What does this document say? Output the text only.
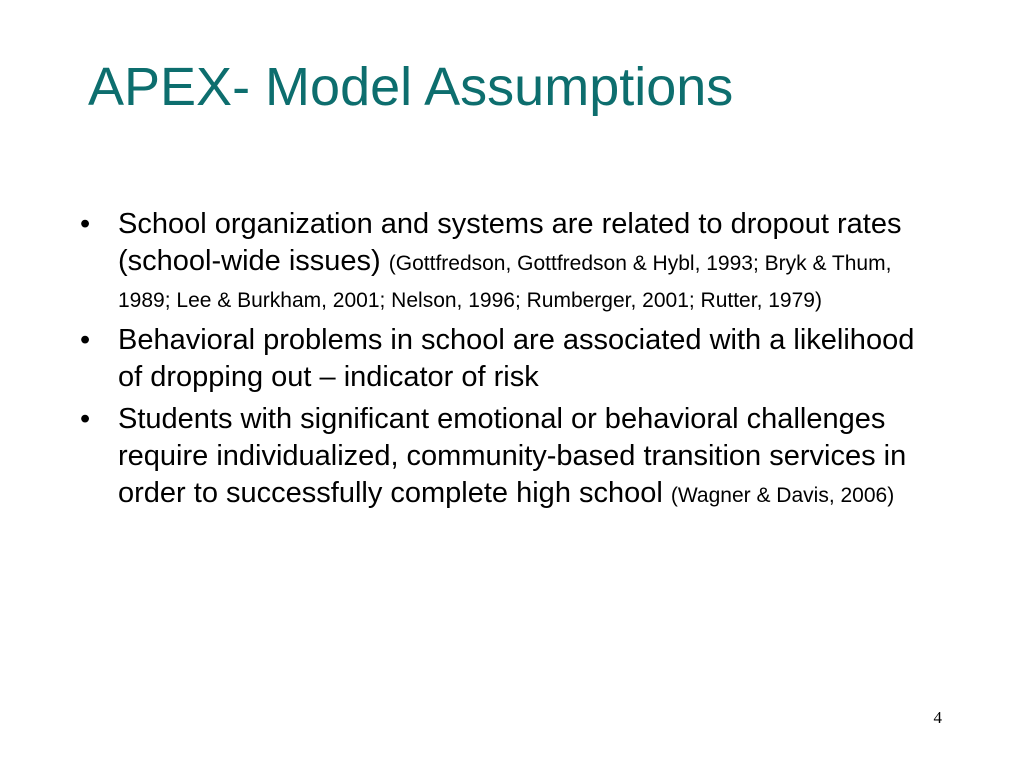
APEX- Model Assumptions
• School organization and systems are related to dropout rates (school-wide issues) (Gottfredson, Gottfredson & Hybl, 1993; Bryk & Thum, 1989; Lee & Burkham, 2001; Nelson, 1996; Rumberger, 2001; Rutter, 1979)
• Behavioral problems in school are associated with a likelihood of dropping out – indicator of risk
• Students with significant emotional or behavioral challenges require individualized, community-based transition services in order to successfully complete high school (Wagner & Davis, 2006)
4
